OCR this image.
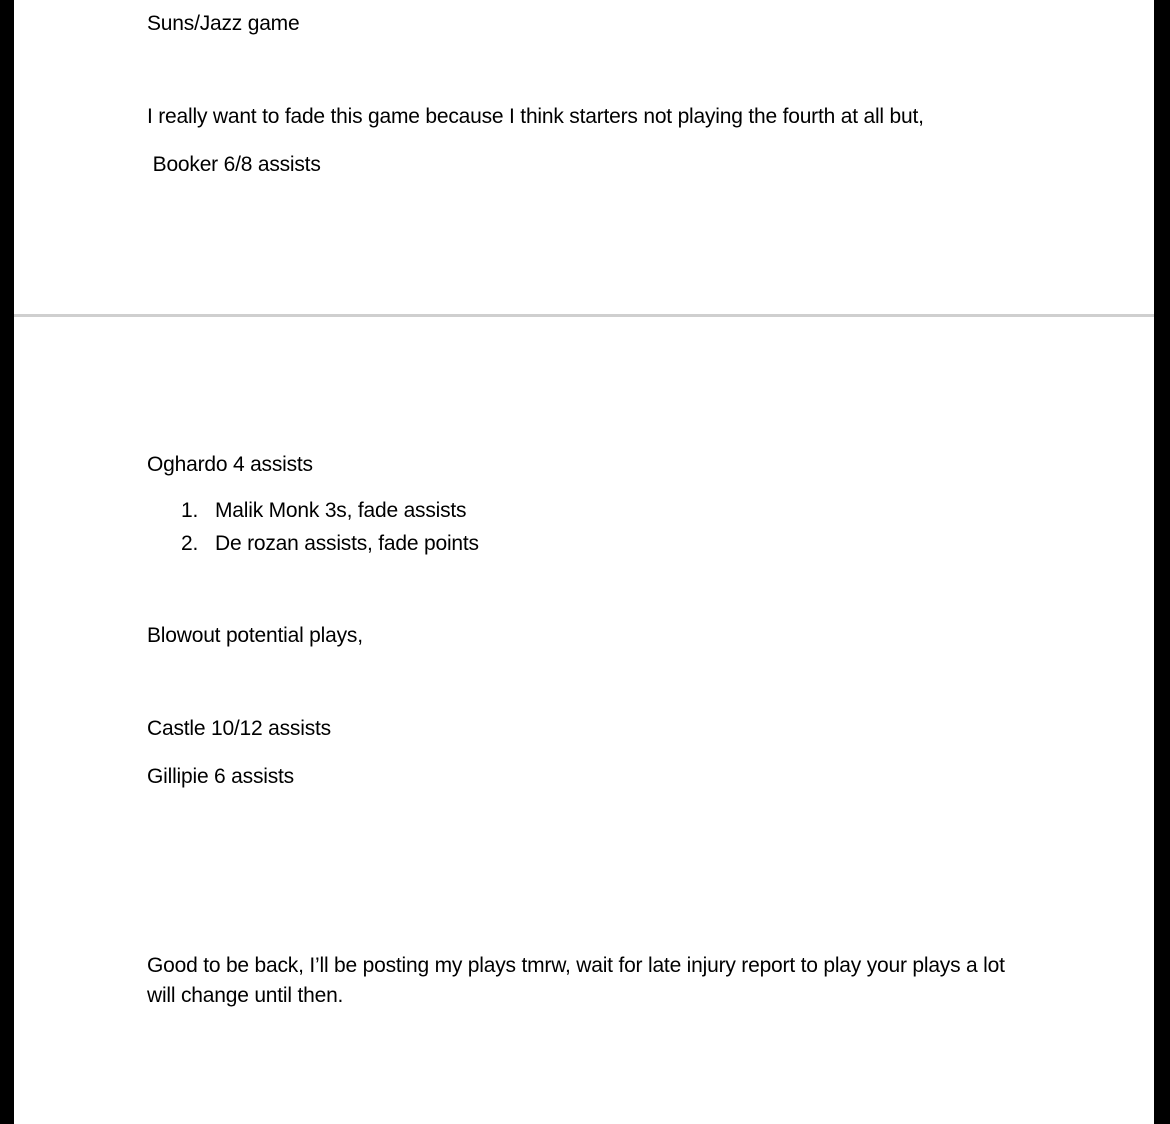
Suns/Jazz game
I really want to fade this game because I think starters not playing the fourth at all but,
Booker 6/8 assists
Oghardo 4 assists
1. Malik Monk 3s, fade assists
2. De rozan assists, fade points
Blowout potential plays,
Castle 10/12 assists
Gillipie 6 assists
Good to be back, I’ll be posting my plays tmrw, wait for late injury report to play your plays a lot will change until then.
